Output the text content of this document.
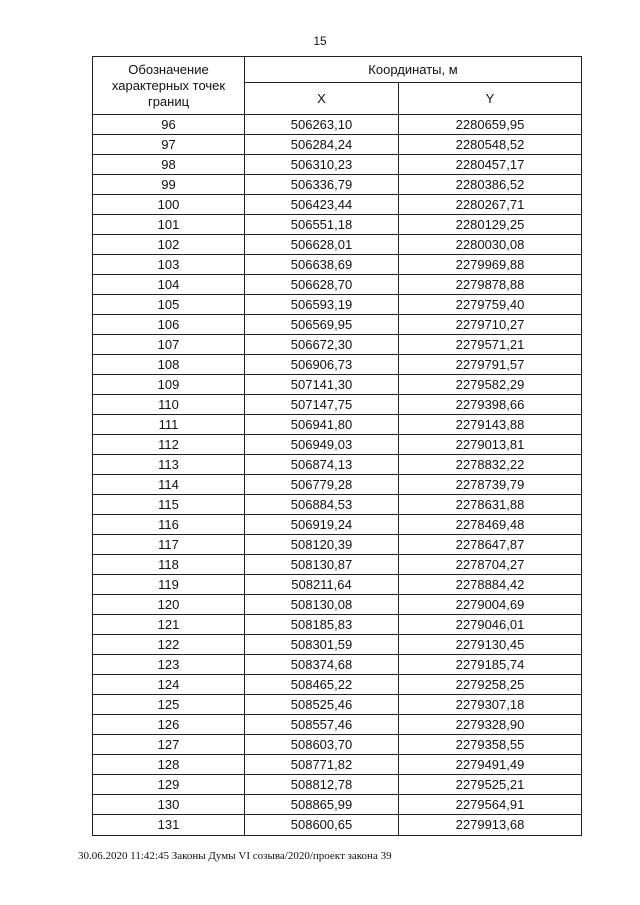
15
Обозначение характерных точек границ
Координаты, м
X	Y
96	506263,10	2280659,95
97	506284,24	2280548,52
98	506310,23	2280457,17
99	506336,79	2280386,52
100	506423,44	2280267,71
101	506551,18	2280129,25
102	506628,01	2280030,08
103	506638,69	2279969,88
104	506628,70	2279878,88
105	506593,19	2279759,40
106	506569,95	2279710,27
107	506672,30	2279571,21
108	506906,73	2279791,57
109	507141,30	2279582,29
110	507147,75	2279398,66
111	506941,80	2279143,88
112	506949,03	2279013,81
113	506874,13	2278832,22
114	506779,28	2278739,79
115	506884,53	2278631,88
116	506919,24	2278469,48
117	508120,39	2278647,87
118	508130,87	2278704,27
119	508211,64	2278884,42
120	508130,08	2279004,69
121	508185,83	2279046,01
122	508301,59	2279130,45
123	508374,68	2279185,74
124	508465,22	2279258,25
125	508525,46	2279307,18
126	508557,46	2279328,90
127	508603,70	2279358,55
128	508771,82	2279491,49
129	508812,78	2279525,21
130	508865,99	2279564,91
131	508600,65	2279913,68
30.06.2020 11:42:45 Законы Думы VI созыва/2020/проект закона 39
